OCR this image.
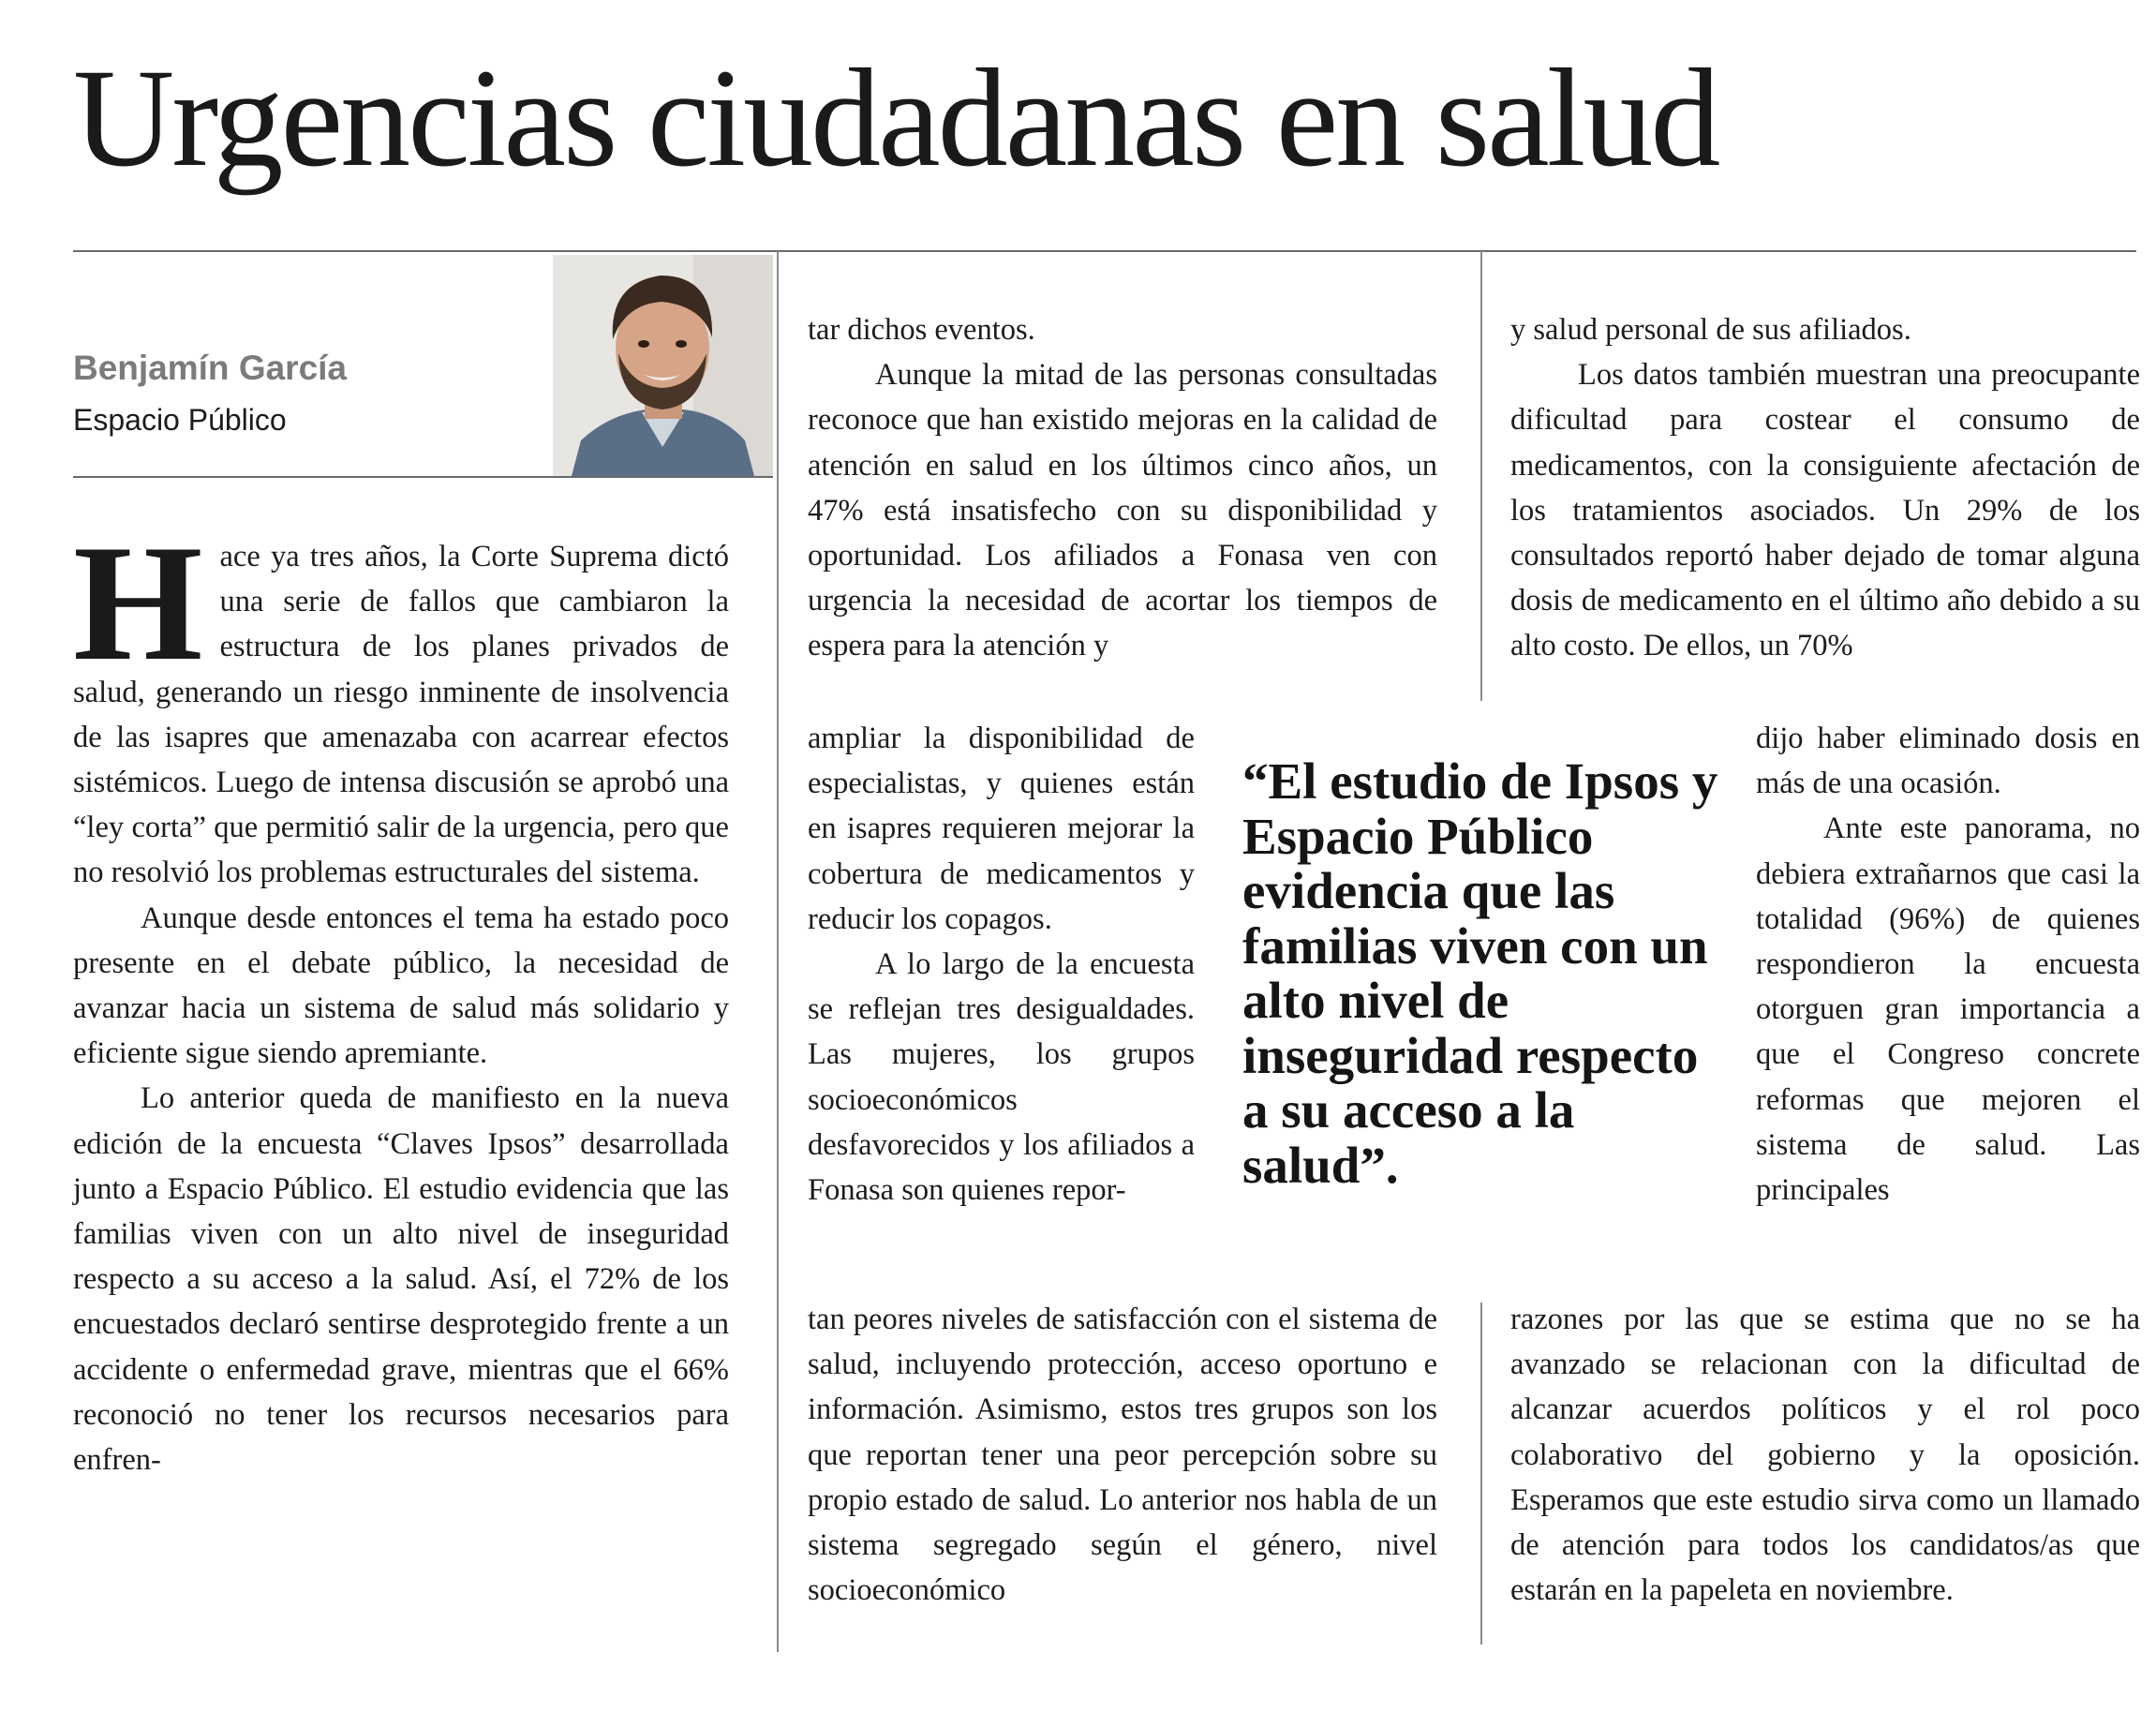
Urgencias ciudadanas en salud
Benjamín García
Espacio Público

Hace ya tres años, la Corte Suprema dictó una serie de fallos que cambiaron la estructura de los planes privados de salud, generando un riesgo inminente de insolvencia de las isapres que amenazaba con acarrear efectos sistémicos. Luego de intensa discusión se aprobó una “ley corta” que permitió salir de la urgencia, pero que no resolvió los problemas estructurales del sistema.

Aunque desde entonces el tema ha estado poco presente en el debate público, la necesidad de avanzar hacia un sistema de salud más solidario y eficiente sigue siendo apremiante.

Lo anterior queda de manifiesto en la nueva edición de la encuesta “Claves Ipsos” desarrollada junto a Espacio Público. El estudio evidencia que las familias viven con un alto nivel de inseguridad respecto a su acceso a la salud. Así, el 72% de los encuestados declaró sentirse desprotegido frente a un accidente o enfermedad grave, mientras que el 66% reconoció no tener los recursos necesarios para enfren-

tar dichos eventos.

Aunque la mitad de las personas consultadas reconoce que han existido mejoras en la calidad de atención en salud en los últimos cinco años, un 47% está insatisfecho con su disponibilidad y oportunidad. Los afiliados a Fonasa ven con urgencia la necesidad de acortar los tiempos de espera para la atención y

ampliar la disponibilidad de especialistas, y quienes están en isapres requieren mejorar la cobertura de medicamentos y reducir los copagos.

A lo largo de la encuesta se reflejan tres desigualdades. Las mujeres, los grupos socioeconómicos desfavorecidos y los afiliados a Fonasa son quienes repor-

tan peores niveles de satisfacción con el sistema de salud, incluyendo protección, acceso oportuno e información. Asimismo, estos tres grupos son los que reportan tener una peor percepción sobre su propio estado de salud. Lo anterior nos habla de un sistema segregado según el género, nivel socioeconómico

“El estudio de Ipsos y Espacio Público evidencia que las familias viven con un alto nivel de inseguridad respecto a su acceso a la salud”.

y salud personal de sus afiliados.

Los datos también muestran una preocupante dificultad para costear el consumo de medicamentos, con la consiguiente afectación de los tratamientos asociados. Un 29% de los consultados reportó haber dejado de tomar alguna dosis de medicamento en el último año debido a su alto costo. De ellos, un 70%

dijo haber eliminado dosis en más de una ocasión.

Ante este panorama, no debiera extrañarnos que casi la totalidad (96%) de quienes respondieron la encuesta otorguen gran importancia a que el Congreso concrete reformas que mejoren el sistema de salud. Las principales

razones por las que se estima que no se ha avanzado se relacionan con la dificultad de alcanzar acuerdos políticos y el rol poco colaborativo del gobierno y la oposición. Esperamos que este estudio sirva como un llamado de atención para todos los candidatos/as que estarán en la papeleta en noviembre.
